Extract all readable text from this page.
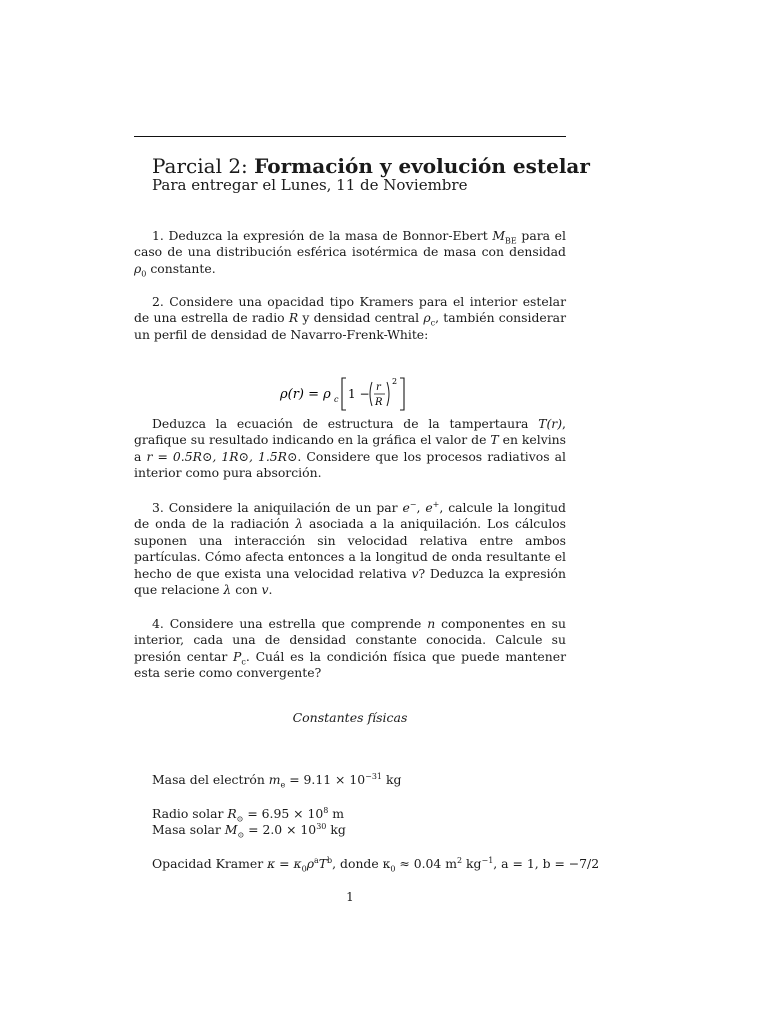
Parcial 2: Formación y evolución estelar
Para entregar el Lunes, 11 de Noviembre
1. Deduzca la expresión de la masa de Bonnor-Ebert $M_{BE}$ para el caso de una distribución esférica isotérmica de masa con densidad $\rho_0$ constante.
2. Considere una opacidad tipo Kramers para el interior estelar de una estrella de radio R y densidad central $\rho_c$, también considerar un perfil de densidad de Navarro-Frenk-White:
ρ(r) = ρ c 1 − r
R
2
Deduzca la ecuación de estructura de la tampertaura T(r), grafique su resultado indicando en la gráfica el valor de T en kelvins a r = 0.5R⊙, 1R⊙, 1.5R⊙. Considere que los procesos radiativos al interior como pura absorción.
3. Considere la aniquilación de un par e−, e+, calcule la longitud de onda de la radiación λ asociada a la aniquilación. Los cálculos suponen una interacción sin velocidad relativa entre ambos partículas. Cómo afecta entonces a la longitud de onda resultante el hecho de que exista una velocidad relativa v? Deduzca la expresión que relacione λ con v.
4. Considere una estrella que comprende n componentes en su interior, cada una de densidad constante conocida. Calcule su presión centar $P_c$. Cuál es la condición física que puede mantener esta serie como convergente?
Constantes físicas
Masa del electrón $m_e = 9.11 \times 10^{-31}$ kg
Radio solar $R_⊙ = 6.95 \times 10^8$ m
Masa solar $M_⊙ = 2.0 \times 10^{30}$ kg
Opacidad Kramer $\kappa = \kappa_0\rho^aT^b$, donde $\kappa_0 \approx 0.04$ $m^2$ $kg^{-1}$, a = 1, b = −7/2
1
